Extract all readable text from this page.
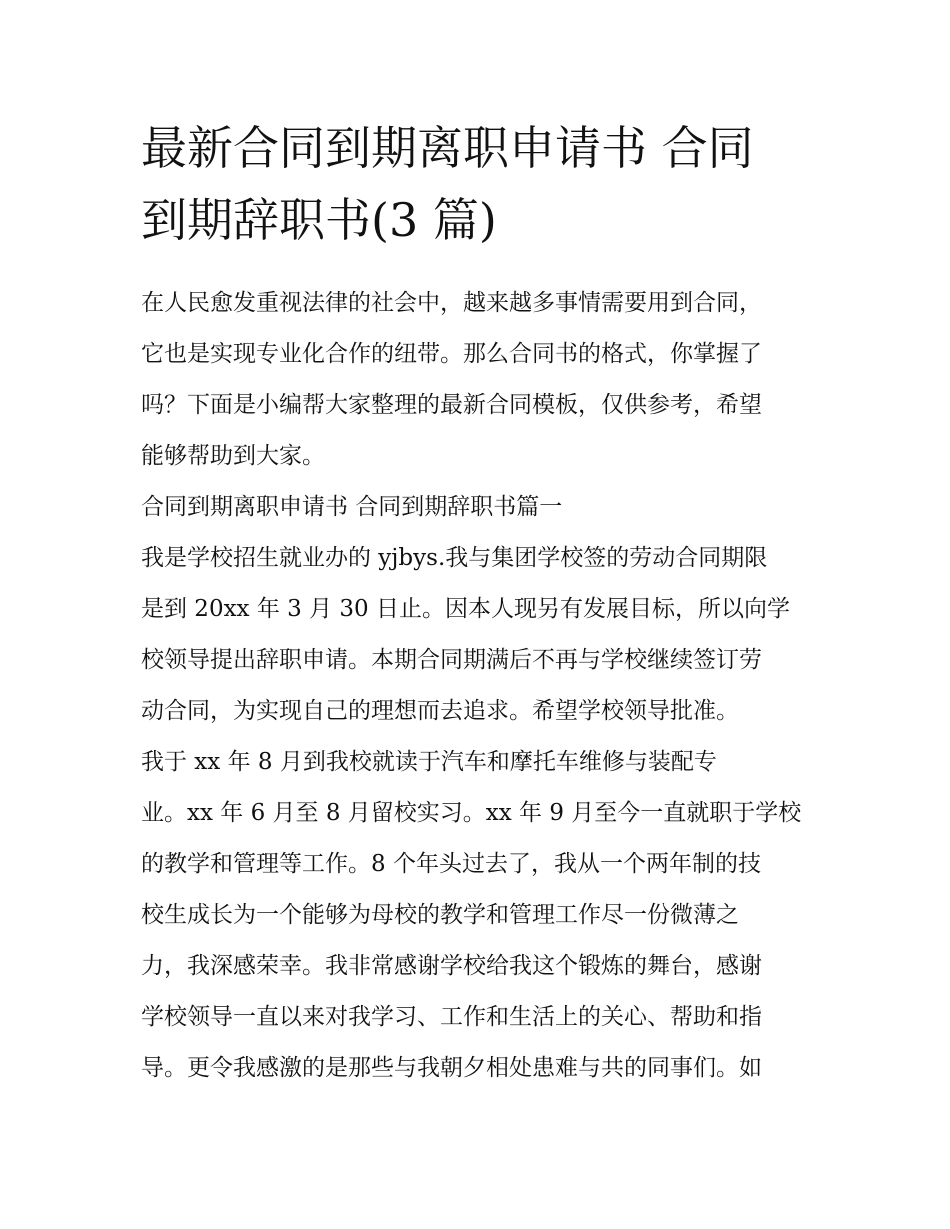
最新合同到期离职申请书 合同
到期辞职书(3 篇)
在人民愈发重视法律的社会中，越来越多事情需要用到合同，
它也是实现专业化合作的纽带。那么合同书的格式，你掌握了
吗？下面是小编帮大家整理的最新合同模板，仅供参考，希望
能够帮助到大家。
合同到期离职申请书 合同到期辞职书篇一
我是学校招生就业办的 yjbys.我与集团学校签的劳动合同期限
是到 20xx 年 3 月 30 日止。因本人现另有发展目标，所以向学
校领导提出辞职申请。本期合同期满后不再与学校继续签订劳
动合同，为实现自己的理想而去追求。希望学校领导批准。
我于 xx 年 8 月到我校就读于汽车和摩托车维修与装配专
业。xx 年 6 月至 8 月留校实习。xx 年 9 月至今一直就职于学校
的教学和管理等工作。8 个年头过去了，我从一个两年制的技
校生成长为一个能够为母校的教学和管理工作尽一份微薄之
力，我深感荣幸。我非常感谢学校给我这个锻炼的舞台，感谢
学校领导一直以来对我学习、工作和生活上的关心、帮助和指
导。更令我感激的是那些与我朝夕相处患难与共的同事们。如
